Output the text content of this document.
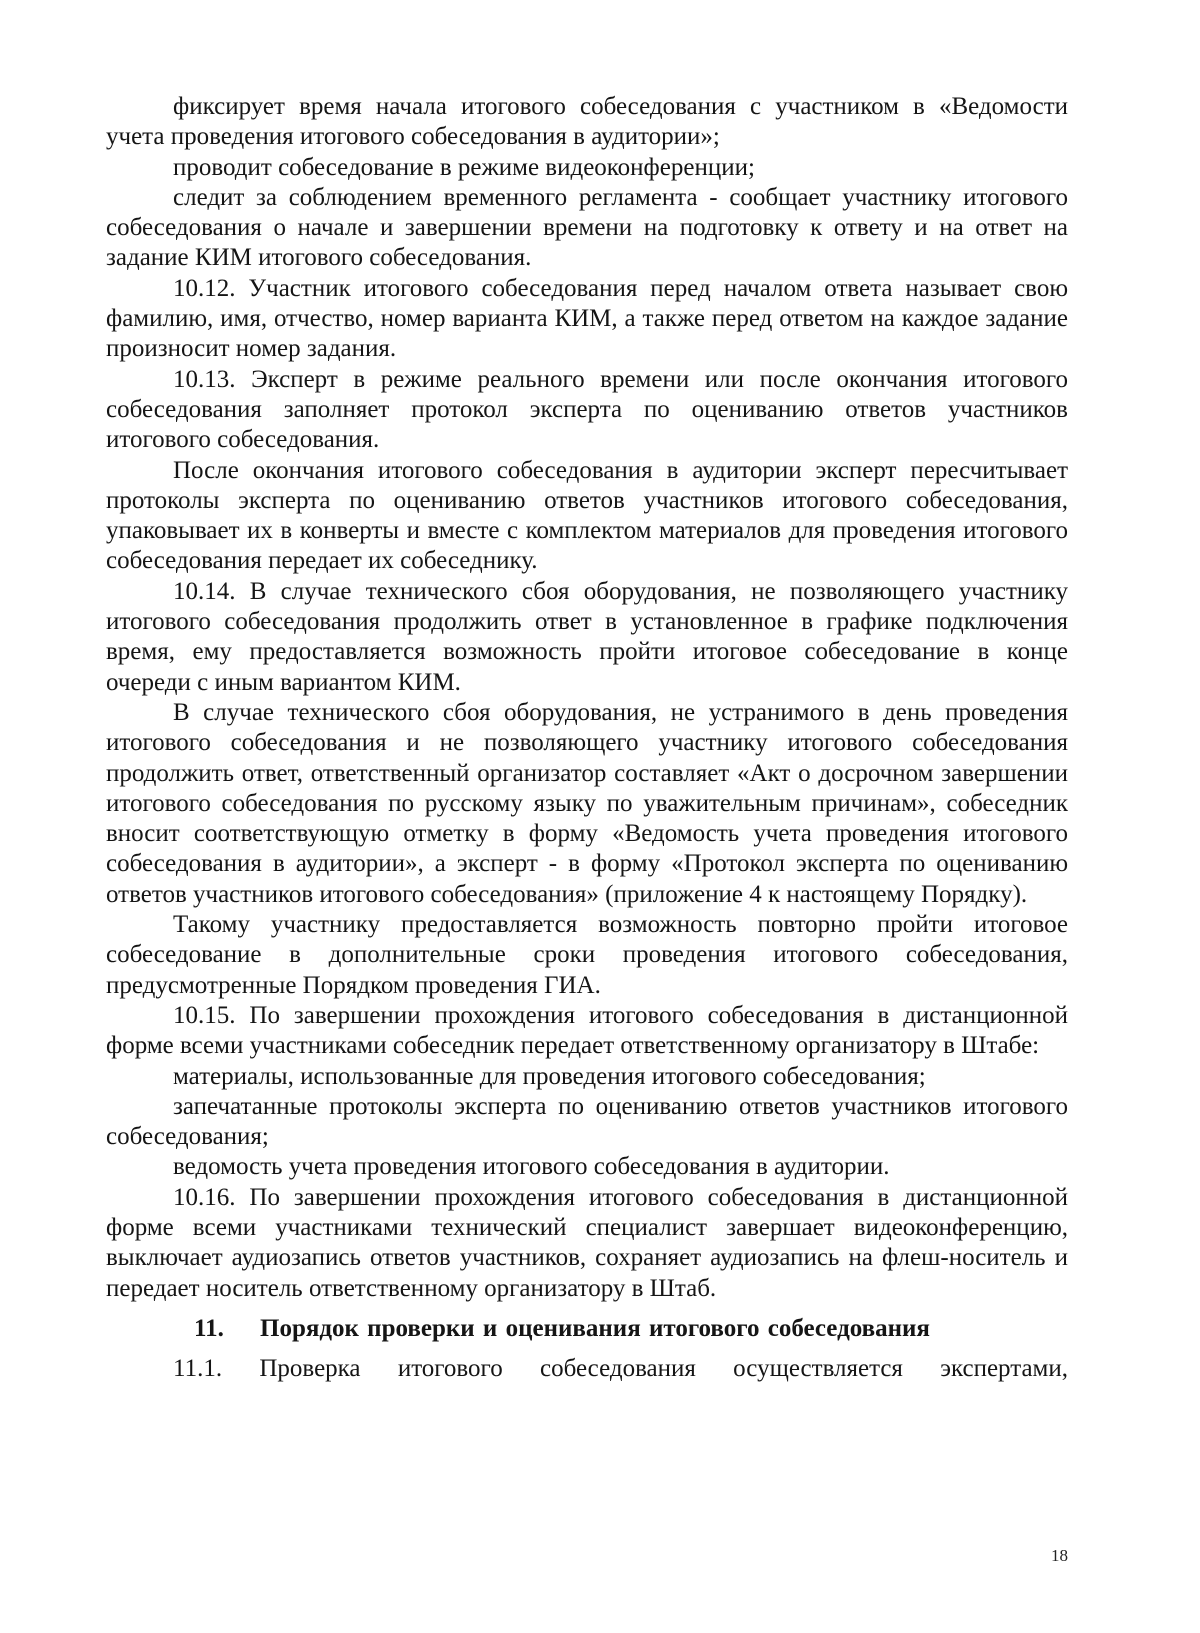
фиксирует время начала итогового собеседования с участником в «Ведомости учета проведения итогового собеседования в аудитории»;

проводит собеседование в режиме видеоконференции;

следит за соблюдением временного регламента - сообщает участнику итогового собеседования о начале и завершении времени на подготовку к ответу и на ответ на задание КИМ итогового собеседования.

10.12. Участник итогового собеседования перед началом ответа называет свою фамилию, имя, отчество, номер варианта КИМ, а также перед ответом на каждое задание произносит номер задания.

10.13. Эксперт в режиме реального времени или после окончания итогового собеседования заполняет протокол эксперта по оцениванию ответов участников итогового собеседования.

После окончания итогового собеседования в аудитории эксперт пересчитывает протоколы эксперта по оцениванию ответов участников итогового собеседования, упаковывает их в конверты и вместе с комплектом материалов для проведения итогового собеседования передает их собеседнику.

10.14. В случае технического сбоя оборудования, не позволяющего участнику итогового собеседования продолжить ответ в установленное в графике подключения время, ему предоставляется возможность пройти итоговое собеседование в конце очереди с иным вариантом КИМ.

В случае технического сбоя оборудования, не устранимого в день проведения итогового собеседования и не позволяющего участнику итогового собеседования продолжить ответ, ответственный организатор составляет «Акт о досрочном завершении итогового собеседования по русскому языку по уважительным причинам», собеседник вносит соответствующую отметку в форму «Ведомость учета проведения итогового собеседования в аудитории», а эксперт - в форму «Протокол эксперта по оцениванию ответов участников итогового собеседования» (приложение 4 к настоящему Порядку).

Такому участнику предоставляется возможность повторно пройти итоговое собеседование в дополнительные сроки проведения итогового собеседования, предусмотренные Порядком проведения ГИА.

10.15. По завершении прохождения итогового собеседования в дистанционной форме всеми участниками собеседник передает ответственному организатору в Штабе:

материалы, использованные для проведения итогового собеседования;

запечатанные протоколы эксперта по оцениванию ответов участников итогового собеседования;

ведомость учета проведения итогового собеседования в аудитории.

10.16. По завершении прохождения итогового собеседования в дистанционной форме всеми участниками технический специалист завершает видеоконференцию, выключает аудиозапись ответов участников, сохраняет аудиозапись на флеш-носитель и передает носитель ответственному организатору в Штаб.

11. Порядок проверки и оценивания итогового собеседования

11.1. Проверка итогового собеседования осуществляется экспертами,

18
